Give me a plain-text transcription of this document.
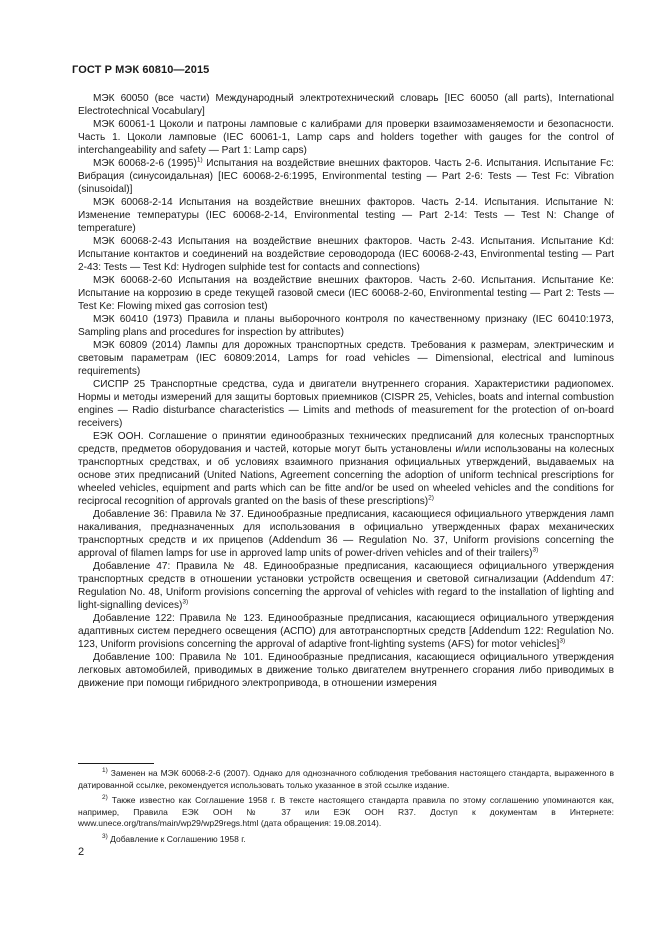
ГОСТ Р МЭК 60810—2015

МЭК 60050 (все части) Международный электротехнический словарь [IEC 60050 (all parts), International Electrotechnical Vocabulary]

МЭК 60061-1 Цоколи и патроны ламповые с калибрами для проверки взаимозаменяемости и безопасности. Часть 1. Цоколи ламповые (IEC 60061-1, Lamp caps and holders together with gauges for the control of interchangeability and safety — Part 1: Lamp caps)

МЭК 60068-2-6 $(1995)^{1)}$ Испытания на воздействие внешних факторов. Часть 2-6. Испытания. Испытание Fc: Вибрация (синусоидальная) [IEC 60068-2-6:1995, Environmental testing — Part 2-6: Tests — Test Fc: Vibration (sinusoidal)]

МЭК 60068-2-14 Испытания на воздействие внешних факторов. Часть 2-14. Испытания. Испытание N: Изменение температуры (IEC 60068-2-14, Environmental testing — Part 2-14: Tests — Test N: Change of temperature)

МЭК 60068-2-43 Испытания на воздействие внешних факторов. Часть 2-43. Испытания. Испытание Kd: Испытание контактов и соединений на воздействие сероводорода (IEC 60068-2-43, Environmental testing — Part 2-43: Tests — Test Kd: Hydrogen sulphide test for contacts and connections)

МЭК 60068-2-60 Испытания на воздействие внешних факторов. Часть 2-60. Испытания. Испытание Ке: Испытание на коррозию в среде текущей газовой смеси (IEC 60068-2-60, Environmental testing — Part 2: Tests — Test Ke: Flowing mixed gas corrosion test)

МЭК 60410 (1973) Правила и планы выборочного контроля по качественному признаку (IEC 60410:1973, Sampling plans and procedures for inspection by attributes)

МЭК 60809 (2014) Лампы для дорожных транспортных средств. Требования к размерам, электрическим и световым параметрам (IEC 60809:2014, Lamps for road vehicles — Dimensional, electrical and luminous requirements)

СИСПР 25 Транспортные средства, суда и двигатели внутреннего сгорания. Характеристики радиопомех. Нормы и методы измерений для защиты бортовых приемников (CISPR 25, Vehicles, boats and internal combustion engines — Radio disturbance characteristics — Limits and methods of measurement for the protection of on-board receivers)

ЕЭК ООН. Соглашение о принятии единообразных технических предписаний для колесных транспортных средств, предметов оборудования и частей, которые могут быть установлены и/или использованы на колесных транспортных средствах, и об условиях взаимного признания официальных утверждений, выдаваемых на основе этих предписаний (United Nations, Agreement concerning the adoption of uniform technical prescriptions for wheeled vehicles, equipment and parts which can be fitte and/or be used on wheeled vehicles and the conditions for reciprocal recognition of approvals granted on the basis of these prescriptions)$^{2)}$

Добавление 36: Правила № 37. Единообразные предписания, касающиеся официального утверждения ламп накаливания, предназначенных для использования в официально утвержденных фарах механических транспортных средств и их прицепов (Addendum 36 — Regulation No. 37, Uniform provisions concerning the approval of filamen lamps for use in approved lamp units of power-driven vehicles and of their trailers)$^{3)}$

Добавление 47: Правила № 48. Единообразные предписания, касающиеся официального утверждения транспортных средств в отношении установки устройств освещения и световой сигнализации (Addendum 47: Regulation No. 48, Uniform provisions concerning the approval of vehicles with regard to the installation of lighting and light-signalling devices)$^{3)}$

Добавление 122: Правила № 123. Единообразные предписания, касающиеся официального утверждения адаптивных систем переднего освещения (АСПО) для автотранспортных средств [Addendum 122: Regulation No. 123, Uniform provisions concerning the approval of adaptive front-lighting systems (AFS) for motor vehicles]$^{3)}$

Добавление 100: Правила № 101. Единообразные предписания, касающиеся официального утверждения легковых автомобилей, приводимых в движение только двигателем внутреннего сгорания либо приводимых в движение при помощи гибридного электропривода, в отношении измерения

$^{1)}$ Заменен на МЭК 60068-2-6 (2007). Однако для однозначного соблюдения требования настоящего стандарта, выраженного в датированной ссылке, рекомендуется использовать только указанное в этой ссылке издание.

$^{2)}$ Также известно как Соглашение 1958 г. В тексте настоящего стандарта правила по этому соглашению упоминаются как, например, Правила ЕЭК ООН № 37 или ЕЭК ООН R37. Доступ к документам в Интернете: www.unece.org/trans/main/wp29/wp29regs.html (дата обращения: 19.08.2014).

$^{3)}$ Добавление к Соглашению 1958 г.

2
